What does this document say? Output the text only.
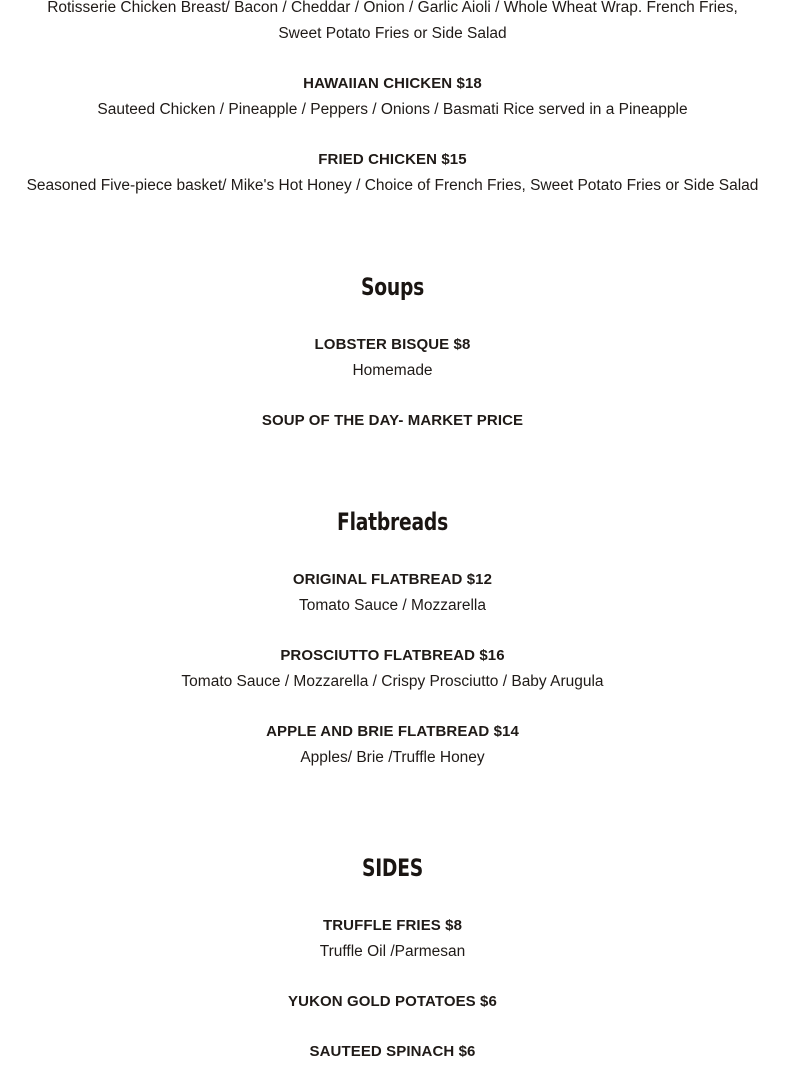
Rotisserie Chicken Breast/ Bacon / Cheddar / Onion / Garlic Aioli / Whole Wheat Wrap. French Fries,
Sweet Potato Fries or Side Salad
HAWAIIAN CHICKEN $18
Sauteed Chicken / Pineapple / Peppers / Onions / Basmati Rice served in a Pineapple
FRIED CHICKEN $15
Seasoned Five-piece basket/ Mike's Hot Honey / Choice of French Fries, Sweet Potato Fries or Side Salad
Soups
LOBSTER BISQUE $8
Homemade
SOUP OF THE DAY- MARKET PRICE
Flatbreads
ORIGINAL FLATBREAD $12
Tomato Sauce / Mozzarella
PROSCIUTTO FLATBREAD $16
Tomato Sauce / Mozzarella / Crispy Prosciutto / Baby Arugula
APPLE AND BRIE FLATBREAD $14
Apples/ Brie /Truffle Honey
SIDES
TRUFFLE FRIES $8
Truffle Oil /Parmesan
YUKON GOLD POTATOES $6
SAUTEED SPINACH $6
